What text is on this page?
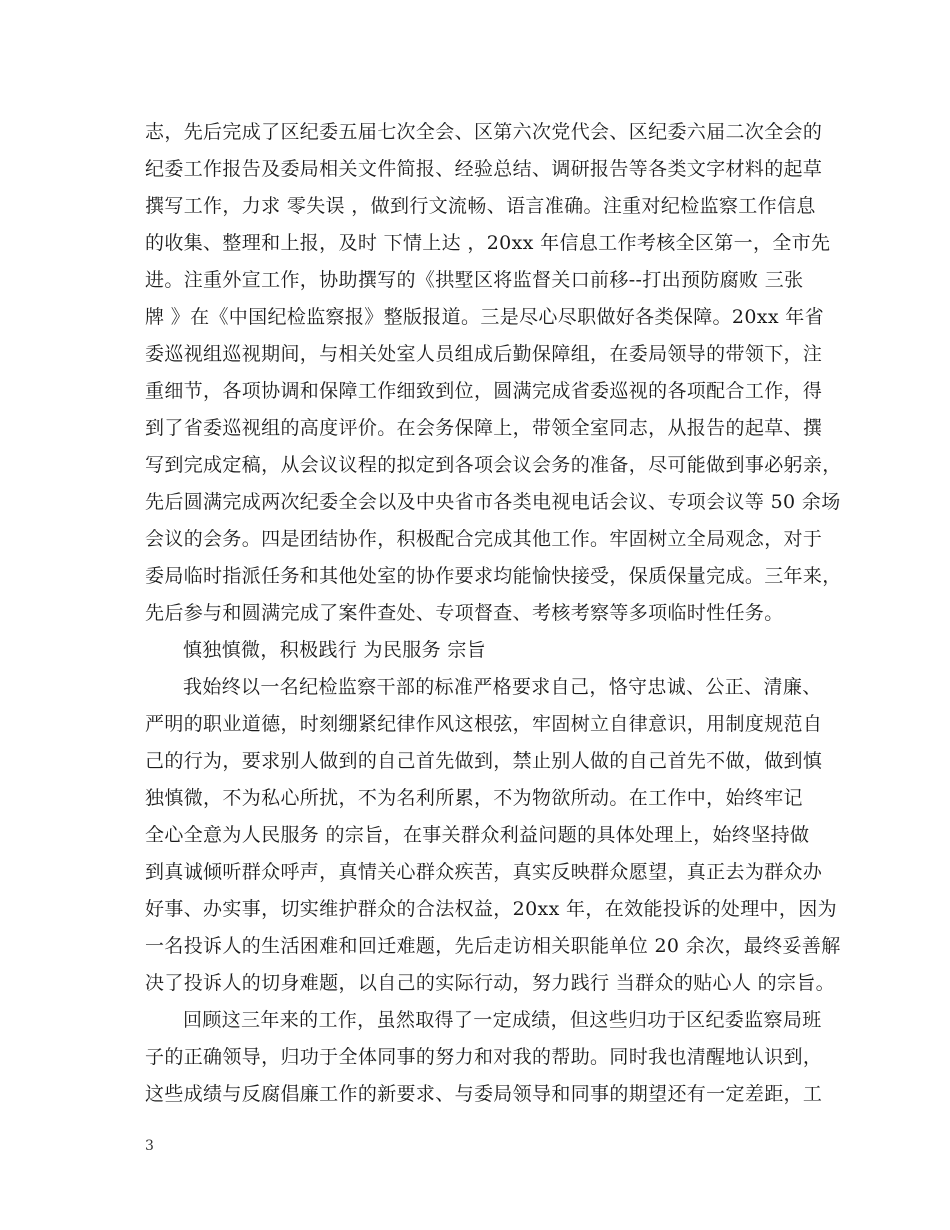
志，先后完成了区纪委五届七次全会、区第六次党代会、区纪委六届二次全会的
纪委工作报告及委局相关文件简报、经验总结、调研报告等各类文字材料的起草
撰写工作，力求 零失误 ，做到行文流畅、语言准确。注重对纪检监察工作信息
的收集、整理和上报，及时 下情上达 ，20xx 年信息工作考核全区第一，全市先
进。注重外宣工作，协助撰写的《拱墅区将监督关口前移--打出预防腐败 三张
牌 》在《中国纪检监察报》整版报道。三是尽心尽职做好各类保障。20xx 年省
委巡视组巡视期间，与相关处室人员组成后勤保障组，在委局领导的带领下，注
重细节，各项协调和保障工作细致到位，圆满完成省委巡视的各项配合工作，得
到了省委巡视组的高度评价。在会务保障上，带领全室同志，从报告的起草、撰
写到完成定稿，从会议议程的拟定到各项会议会务的准备，尽可能做到事必躬亲，
先后圆满完成两次纪委全会以及中央省市各类电视电话会议、专项会议等 50 余场
会议的会务。四是团结协作，积极配合完成其他工作。牢固树立全局观念，对于
委局临时指派任务和其他处室的协作要求均能愉快接受，保质保量完成。三年来，
先后参与和圆满完成了案件查处、专项督查、考核考察等多项临时性任务。
慎独慎微，积极践行 为民服务 宗旨
我始终以一名纪检监察干部的标准严格要求自己，恪守忠诚、公正、清廉、
严明的职业道德，时刻绷紧纪律作风这根弦，牢固树立自律意识，用制度规范自
己的行为，要求别人做到的自己首先做到，禁止别人做的自己首先不做，做到慎
独慎微，不为私心所扰，不为名利所累，不为物欲所动。在工作中，始终牢记
全心全意为人民服务 的宗旨，在事关群众利益问题的具体处理上，始终坚持做
到真诚倾听群众呼声，真情关心群众疾苦，真实反映群众愿望，真正去为群众办
好事、办实事，切实维护群众的合法权益，20xx 年，在效能投诉的处理中，因为
一名投诉人的生活困难和回迁难题，先后走访相关职能单位 20 余次，最终妥善解
决了投诉人的切身难题，以自己的实际行动，努力践行 当群众的贴心人 的宗旨。
回顾这三年来的工作，虽然取得了一定成绩，但这些归功于区纪委监察局班
子的正确领导，归功于全体同事的努力和对我的帮助。同时我也清醒地认识到，
这些成绩与反腐倡廉工作的新要求、与委局领导和同事的期望还有一定差距，工
3
